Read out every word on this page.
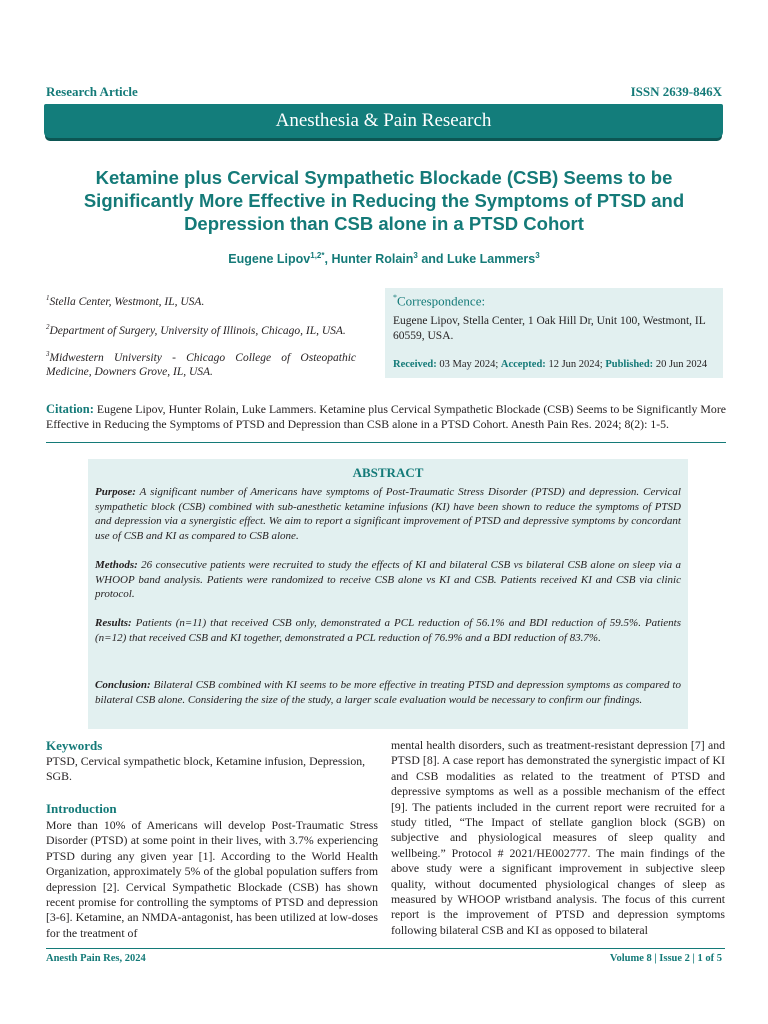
Research Article	ISSN 2639-846X
Anesthesia & Pain Research
Ketamine plus Cervical Sympathetic Blockade (CSB) Seems to be Significantly More Effective in Reducing the Symptoms of PTSD and Depression than CSB alone in a PTSD Cohort
Eugene Lipov$^{1,2*}$, Hunter Rolain$^3$ and Luke Lammers$^3$
$^1$Stella Center, Westmont, IL, USA.
$^2$Department of Surgery, University of Illinois, Chicago, IL, USA.
$^3$Midwestern University - Chicago College of Osteopathic Medicine, Downers Grove, IL, USA.
*Correspondence:
Eugene Lipov, Stella Center, 1 Oak Hill Dr, Unit 100, Westmont, IL 60559, USA.
Received: 03 May 2024; Accepted: 12 Jun 2024; Published: 20 Jun 2024
Citation: Eugene Lipov, Hunter Rolain, Luke Lammers. Ketamine plus Cervical Sympathetic Blockade (CSB) Seems to be Significantly More Effective in Reducing the Symptoms of PTSD and Depression than CSB alone in a PTSD Cohort. Anesth Pain Res. 2024; 8(2): 1-5.
ABSTRACT
Purpose: A significant number of Americans have symptoms of Post-Traumatic Stress Disorder (PTSD) and depression. Cervical sympathetic block (CSB) combined with sub-anesthetic ketamine infusions (KI) have been shown to reduce the symptoms of PTSD and depression via a synergistic effect. We aim to report a significant improvement of PTSD and depressive symptoms by concordant use of CSB and KI as compared to CSB alone.
Methods: 26 consecutive patients were recruited to study the effects of KI and bilateral CSB vs bilateral CSB alone on sleep via a WHOOP band analysis. Patients were randomized to receive CSB alone vs KI and CSB. Patients received KI and CSB via clinic protocol.
Results: Patients (n=11) that received CSB only, demonstrated a PCL reduction of 56.1% and BDI reduction of 59.5%. Patients (n=12) that received CSB and KI together, demonstrated a PCL reduction of 76.9% and a BDI reduction of 83.7%.
Conclusion: Bilateral CSB combined with KI seems to be more effective in treating PTSD and depression symptoms as compared to bilateral CSB alone. Considering the size of the study, a larger scale evaluation would be necessary to confirm our findings.
Keywords
PTSD, Cervical sympathetic block, Ketamine infusion, Depression, SGB.
Introduction
More than 10% of Americans will develop Post-Traumatic Stress Disorder (PTSD) at some point in their lives, with 3.7% experiencing PTSD during any given year [1]. According to the World Health Organization, approximately 5% of the global population suffers from depression [2]. Cervical Sympathetic Blockade (CSB) has shown recent promise for controlling the symptoms of PTSD and depression [3-6]. Ketamine, an NMDA-antagonist, has been utilized at low-doses for the treatment of
mental health disorders, such as treatment-resistant depression [7] and PTSD [8]. A case report has demonstrated the synergistic impact of KI and CSB modalities as related to the treatment of PTSD and depressive symptoms as well as a possible mechanism of the effect [9]. The patients included in the current report were recruited for a study titled, “The Impact of stellate ganglion block (SGB) on subjective and physiological measures of sleep quality and wellbeing.” Protocol # 2021/HE002777. The main findings of the above study were a significant improvement in subjective sleep quality, without documented physiological changes of sleep as measured by WHOOP wristband analysis. The focus of this current report is the improvement of PTSD and depression symptoms following bilateral CSB and KI as opposed to bilateral
Anesth Pain Res, 2024	Volume 8 | Issue 2 | 1 of 5
